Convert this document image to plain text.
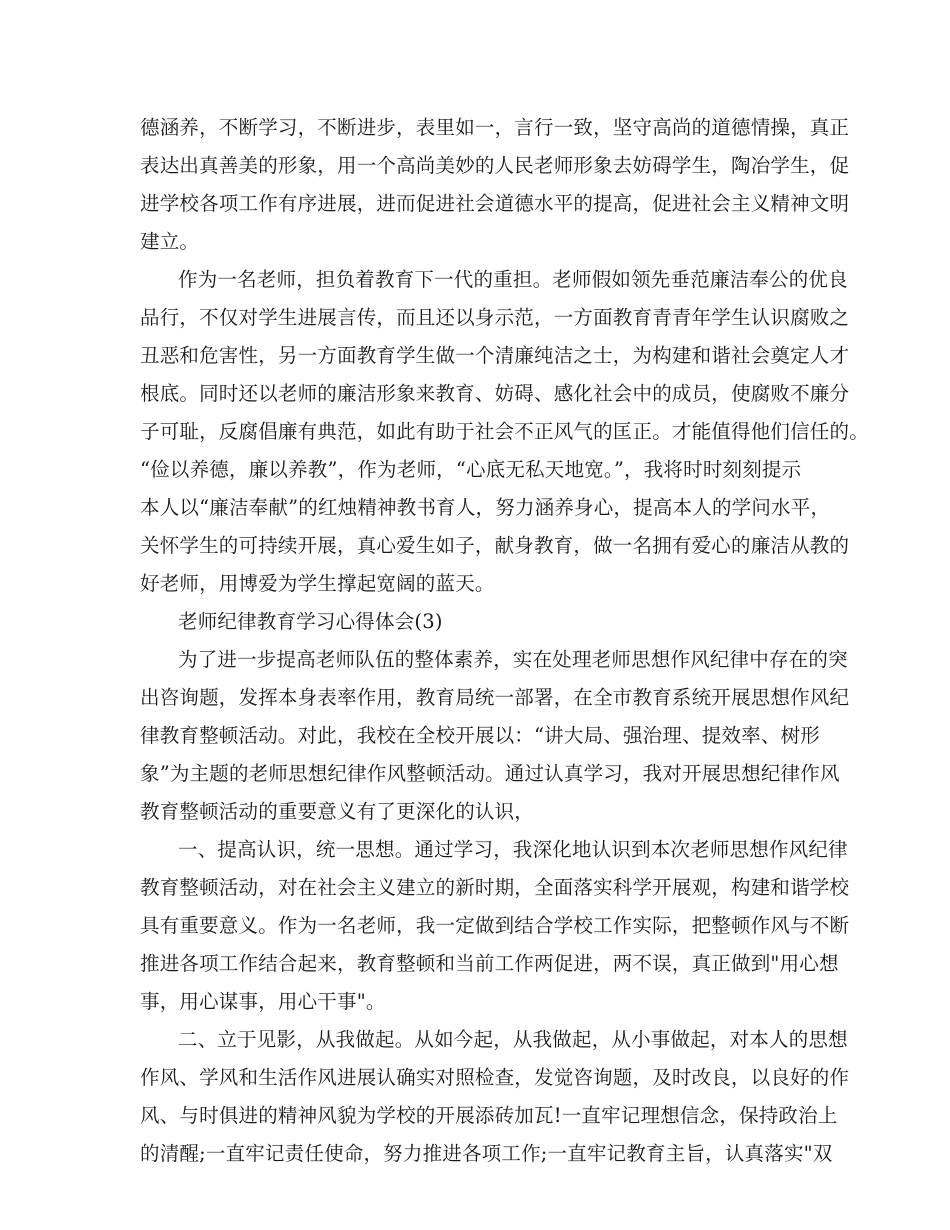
德涵养，不断学习，不断进步，表里如一，言行一致，坚守高尚的道德情操，真正
表达出真善美的形象，用一个高尚美妙的人民老师形象去妨碍学生，陶冶学生，促
进学校各项工作有序进展，进而促进社会道德水平的提高，促进社会主义精神文明
建立。
作为一名老师，担负着教育下一代的重担。老师假如领先垂范廉洁奉公的优良
品行，不仅对学生进展言传，而且还以身示范，一方面教育青青年学生认识腐败之
丑恶和危害性，另一方面教育学生做一个清廉纯洁之士，为构建和谐社会奠定人才
根底。同时还以老师的廉洁形象来教育、妨碍、感化社会中的成员，使腐败不廉分
子可耻，反腐倡廉有典范，如此有助于社会不正风气的匡正。才能值得他们信任的。
“俭以养德，廉以养教”，作为老师，“心底无私天地宽。”，我将时时刻刻提示
本人以“廉洁奉献”的红烛精神教书育人，努力涵养身心，提高本人的学问水平，
关怀学生的可持续开展，真心爱生如子，献身教育，做一名拥有爱心的廉洁从教的
好老师，用博爱为学生撑起宽阔的蓝天。
老师纪律教育学习心得体会(3)
为了进一步提高老师队伍的整体素养，实在处理老师思想作风纪律中存在的突
出咨询题，发挥本身表率作用，教育局统一部署，在全市教育系统开展思想作风纪
律教育整顿活动。对此，我校在全校开展以：“讲大局、强治理、提效率、树形
象”为主题的老师思想纪律作风整顿活动。通过认真学习，我对开展思想纪律作风
教育整顿活动的重要意义有了更深化的认识，
一、提高认识，统一思想。通过学习，我深化地认识到本次老师思想作风纪律
教育整顿活动，对在社会主义建立的新时期，全面落实科学开展观，构建和谐学校
具有重要意义。作为一名老师，我一定做到结合学校工作实际，把整顿作风与不断
推进各项工作结合起来，教育整顿和当前工作两促进，两不误，真正做到"用心想
事，用心谋事，用心干事"。
二、立于见影，从我做起。从如今起，从我做起，从小事做起，对本人的思想
作风、学风和生活作风进展认确实对照检查，发觉咨询题，及时改良，以良好的作
风、与时俱进的精神风貌为学校的开展添砖加瓦!一直牢记理想信念，保持政治上
的清醒;一直牢记责任使命，努力推进各项工作;一直牢记教育主旨，认真落实"双
